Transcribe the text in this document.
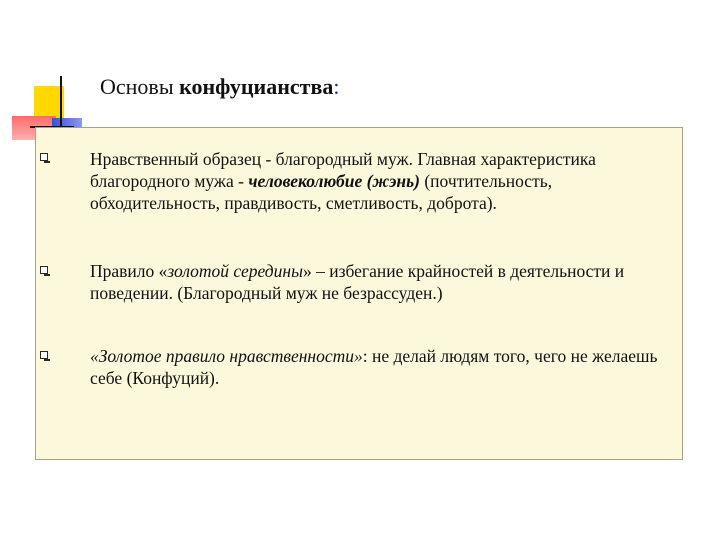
Основы конфуцианства:

Нравственный образец - благородный муж. Главная характеристика благородного мужа - человеколюбие (жэнь) (почтительность, обходительность, правдивость, сметливость, доброта).

Правило «золотой середины» – избегание крайностей в деятельности и поведении. (Благородный муж не безрассуден.)

«Золотое правило нравственности»: не делай людям того, чего не желаешь себе (Конфуций).
